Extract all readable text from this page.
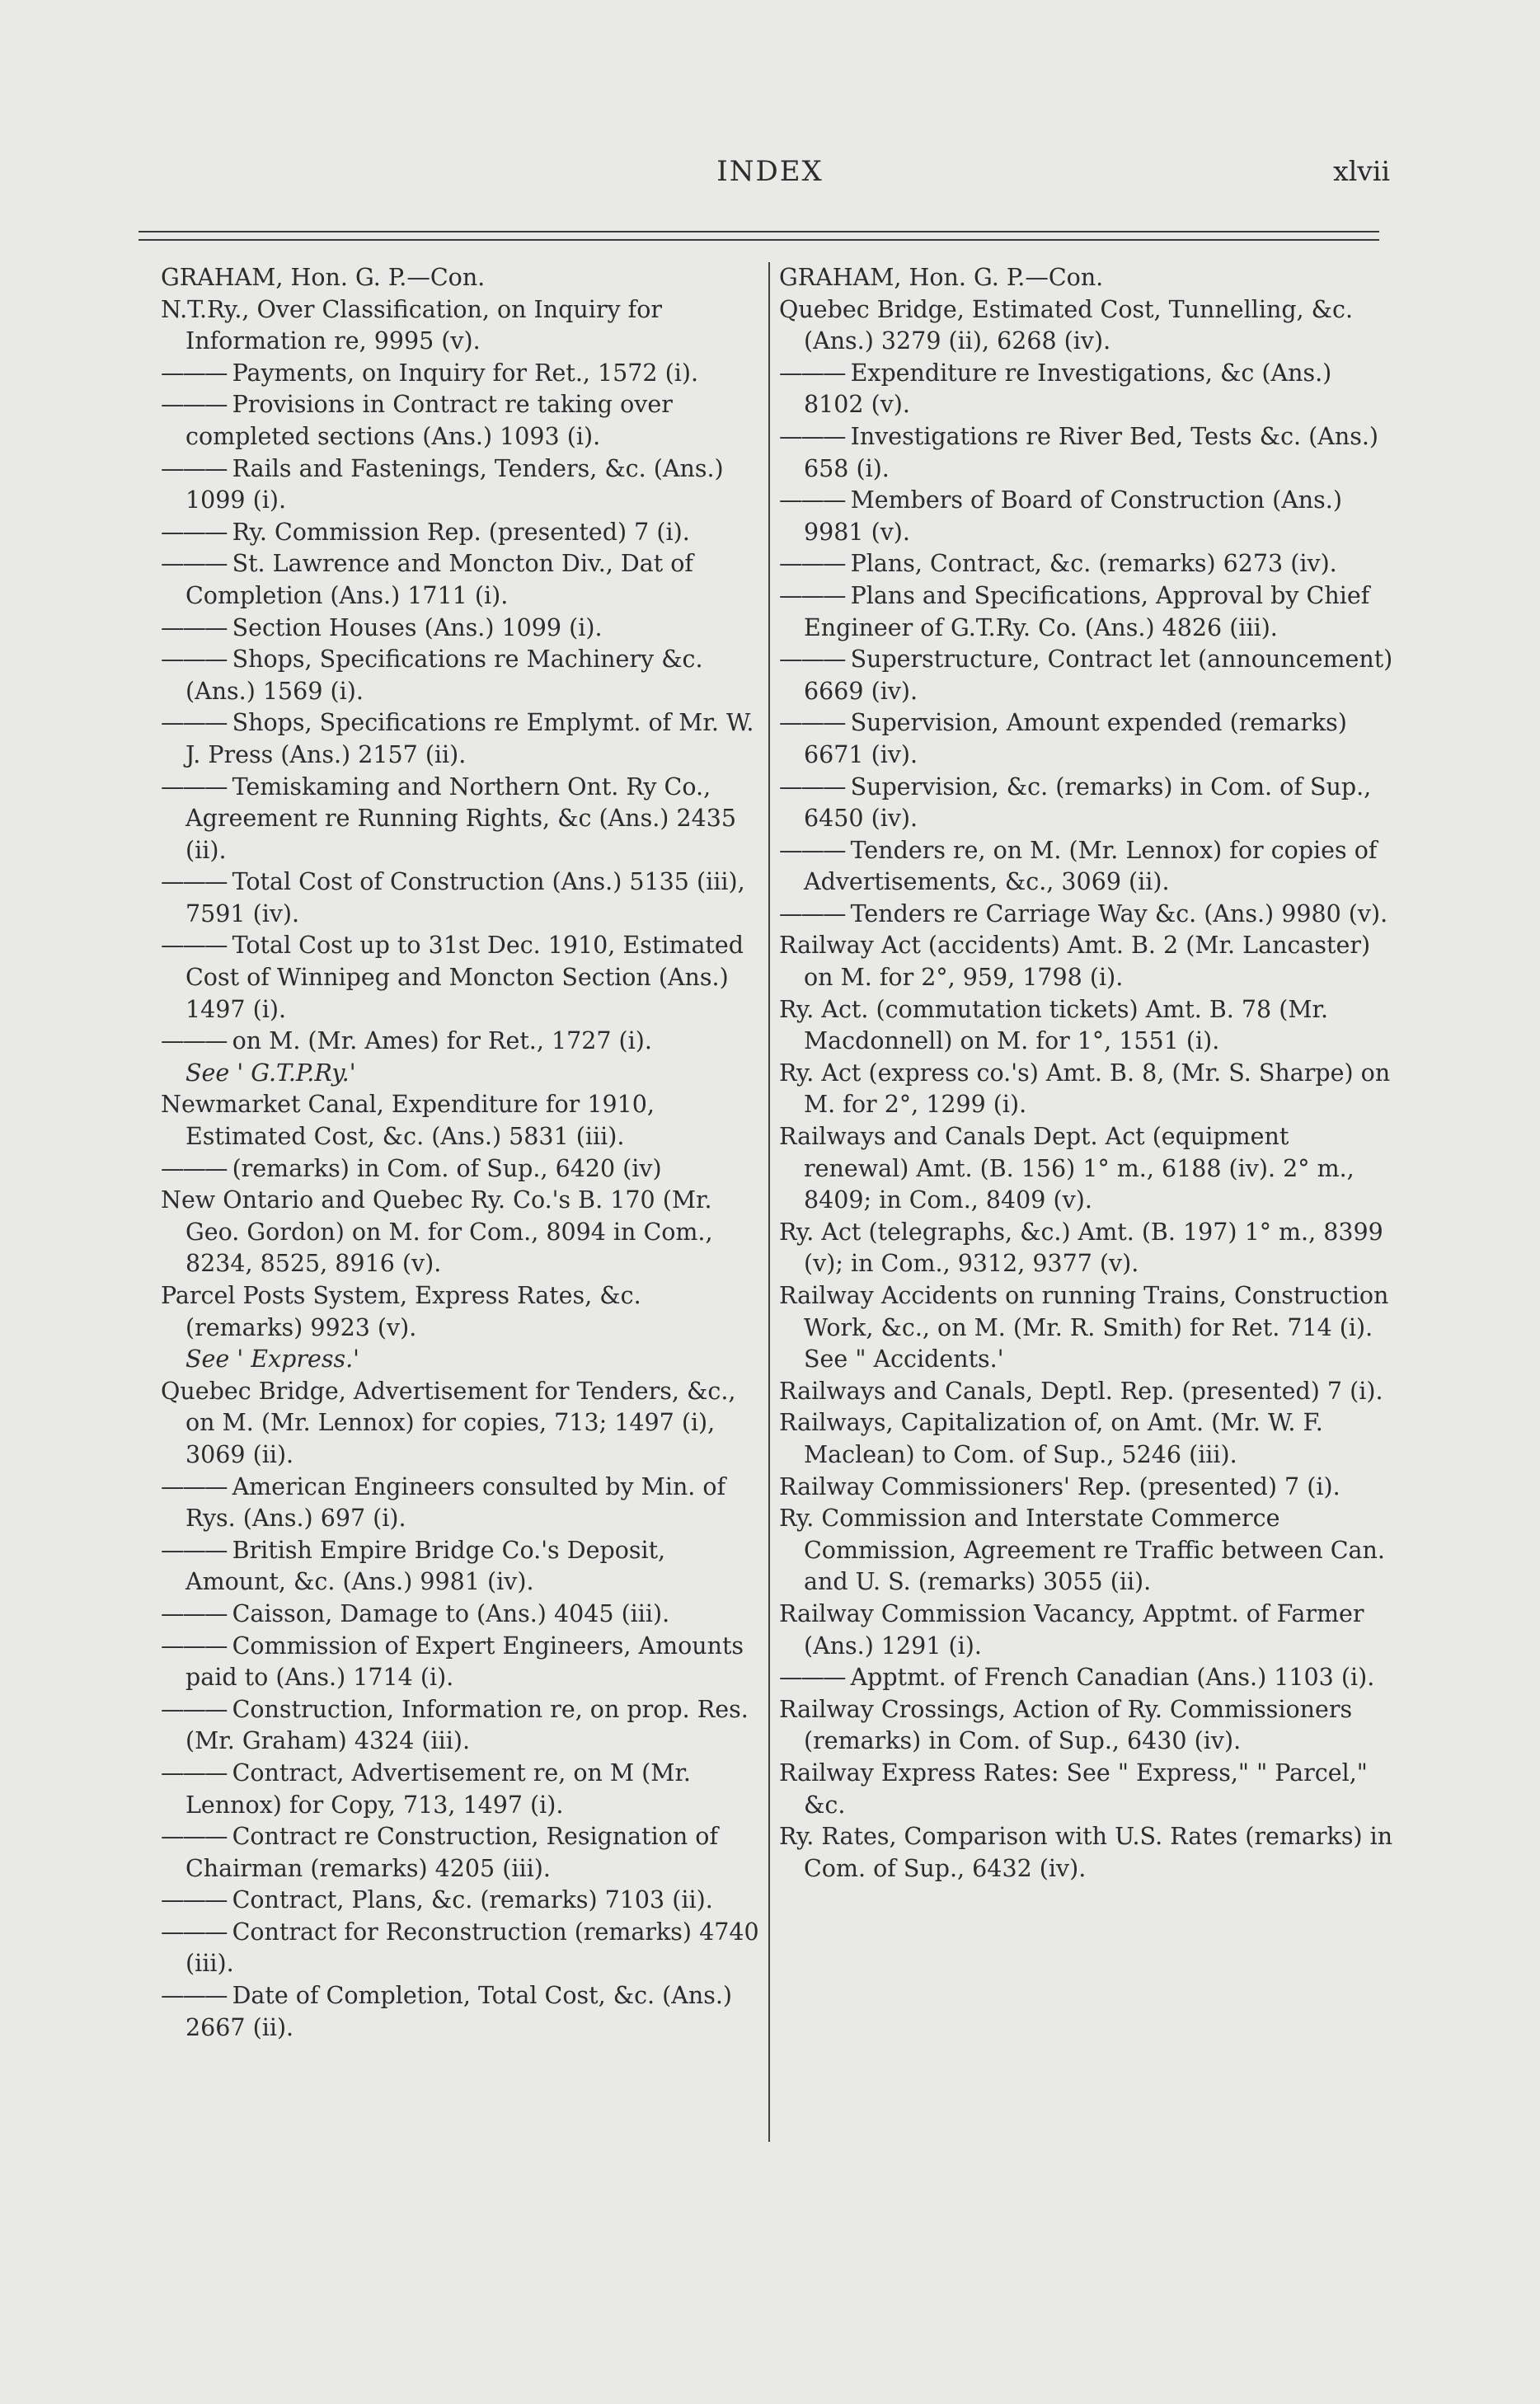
INDEX	xlvii

GRAHAM, Hon. G. P.—Con.

N.T.Ry., Over Classification, on Inquiry for Information re, 9995 (v).

——— Payments, on Inquiry for Ret., 1572 (i).

——— Provisions in Contract re taking over completed sections (Ans.) 1093 (i).

——— Rails and Fastenings, Tenders, &c. (Ans.) 1099 (i).

——— Ry. Commission Rep. (presented) 7 (i).

——— St. Lawrence and Moncton Div., Dat of Completion (Ans.) 1711 (i).

——— Section Houses (Ans.) 1099 (i).

——— Shops, Specifications re Machinery &c. (Ans.) 1569 (i).

——— Shops, Specifications re Emplymt. of Mr. W. J. Press (Ans.) 2157 (ii).

——— Temiskaming and Northern Ont. Ry Co., Agreement re Running Rights, &c (Ans.) 2435 (ii).

——— Total Cost of Construction (Ans.) 5135 (iii), 7591 (iv).

——— Total Cost up to 31st Dec. 1910, Estimated Cost of Winnipeg and Moncton Section (Ans.) 1497 (i).

——— on M. (Mr. Ames) for Ret., 1727 (i).

See ' G.T.P.Ry.'

Newmarket Canal, Expenditure for 1910, Estimated Cost, &c. (Ans.) 5831 (iii).

——— (remarks) in Com. of Sup., 6420 (iv)

New Ontario and Quebec Ry. Co.'s B. 170 (Mr. Geo. Gordon) on M. for Com., 8094 in Com., 8234, 8525, 8916 (v).

Parcel Posts System, Express Rates, &c. (remarks) 9923 (v).

See ' Express.'

Quebec Bridge, Advertisement for Tenders, &c., on M. (Mr. Lennox) for copies, 713; 1497 (i), 3069 (ii).

——— American Engineers consulted by Min. of Rys. (Ans.) 697 (i).

——— British Empire Bridge Co.'s Deposit, Amount, &c. (Ans.) 9981 (iv).

——— Caisson, Damage to (Ans.) 4045 (iii).

——— Commission of Expert Engineers, Amounts paid to (Ans.) 1714 (i).

——— Construction, Information re, on prop. Res. (Mr. Graham) 4324 (iii).

——— Contract, Advertisement re, on M (Mr. Lennox) for Copy, 713, 1497 (i).

——— Contract re Construction, Resignation of Chairman (remarks) 4205 (iii).

——— Contract, Plans, &c. (remarks) 7103 (ii).

——— Contract for Reconstruction (remarks) 4740 (iii).

——— Date of Completion, Total Cost, &c. (Ans.) 2667 (ii).

GRAHAM, Hon. G. P.—Con.

Quebec Bridge, Estimated Cost, Tunnelling, &c. (Ans.) 3279 (ii), 6268 (iv).

——— Expenditure re Investigations, &c (Ans.) 8102 (v).

——— Investigations re River Bed, Tests &c. (Ans.) 658 (i).

——— Members of Board of Construction (Ans.) 9981 (v).

——— Plans, Contract, &c. (remarks) 6273 (iv).

——— Plans and Specifications, Approval by Chief Engineer of G.T.Ry. Co. (Ans.) 4826 (iii).

——— Superstructure, Contract let (announcement) 6669 (iv).

——— Supervision, Amount expended (remarks) 6671 (iv).

——— Supervision, &c. (remarks) in Com. of Sup., 6450 (iv).

——— Tenders re, on M. (Mr. Lennox) for copies of Advertisements, &c., 3069 (ii).

——— Tenders re Carriage Way &c. (Ans.) 9980 (v).

Railway Act (accidents) Amt. B. 2 (Mr. Lancaster) on M. for 2°, 959, 1798 (i).

Ry. Act. (commutation tickets) Amt. B. 78 (Mr. Macdonnell) on M. for 1°, 1551 (i).

Ry. Act (express co.'s) Amt. B. 8, (Mr. S. Sharpe) on M. for 2°, 1299 (i).

Railways and Canals Dept. Act (equipment renewal) Amt. (B. 156) 1° m., 6188 (iv). 2° m., 8409; in Com., 8409 (v).

Ry. Act (telegraphs, &c.) Amt. (B. 197) 1° m., 8399 (v); in Com., 9312, 9377 (v).

Railway Accidents on running Trains, Construction Work, &c., on M. (Mr. R. Smith) for Ret. 714 (i). See " Accidents.'

Railways and Canals, Deptl. Rep. (presented) 7 (i).

Railways, Capitalization of, on Amt. (Mr. W. F. Maclean) to Com. of Sup., 5246 (iii).

Railway Commissioners' Rep. (presented) 7 (i).

Ry. Commission and Interstate Commerce Commission, Agreement re Traffic between Can. and U. S. (remarks) 3055 (ii).

Railway Commission Vacancy, Apptmt. of Farmer (Ans.) 1291 (i).

——— Apptmt. of French Canadian (Ans.) 1103 (i).

Railway Crossings, Action of Ry. Commissioners (remarks) in Com. of Sup., 6430 (iv).

Railway Express Rates: See " Express," " Parcel," &c.

Ry. Rates, Comparison with U.S. Rates (remarks) in Com. of Sup., 6432 (iv).
